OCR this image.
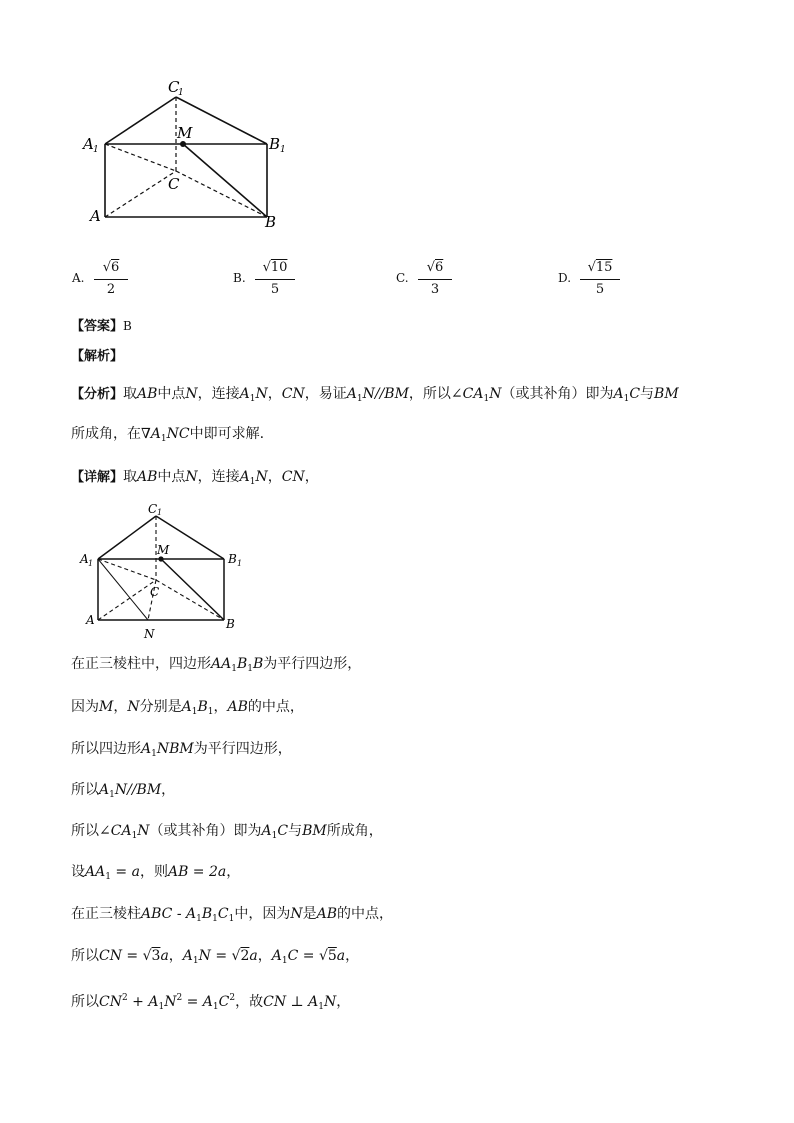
C
1
A 1	B 1
M
C
A	B
A.
√6
2
B.
√10
5
C.
√6
3
D.
√15
5
【答案】B
【解析】
【分析】取AB中点N，连接$A_1N$，CN，易证$A_1N//BM$，所以$\angle CA_1N$（或其补角）即为$A_1C$与BM
所成角，在$\nabla A_1NC$中即可求解.
【详解】取AB中点N，连接$A_1N$，CN，
C 1
A 1	B 1
M
C
A	B
N
在正三棱柱中，四边形$AA_1B_1B$为平行四边形，
因为M，N分别是$A_1B_1$，AB的中点，
所以四边形$A_1NBM$为平行四边形，
所以$A_1N//BM$，
所以$\angle CA_1N$（或其补角）即为$A_1C$与BM所成角，
设$AA_1 = a$，则AB = 2a，
在正三棱柱ABC - $A_1B_1C_1$中，因为N是AB的中点，
所以CN = √3a，$A_1N = √2a$，$A_1C = √5a$，
所以$CN^2 + A_1N^2 = A_1C^2$，故CN ⊥ $A_1N$，
